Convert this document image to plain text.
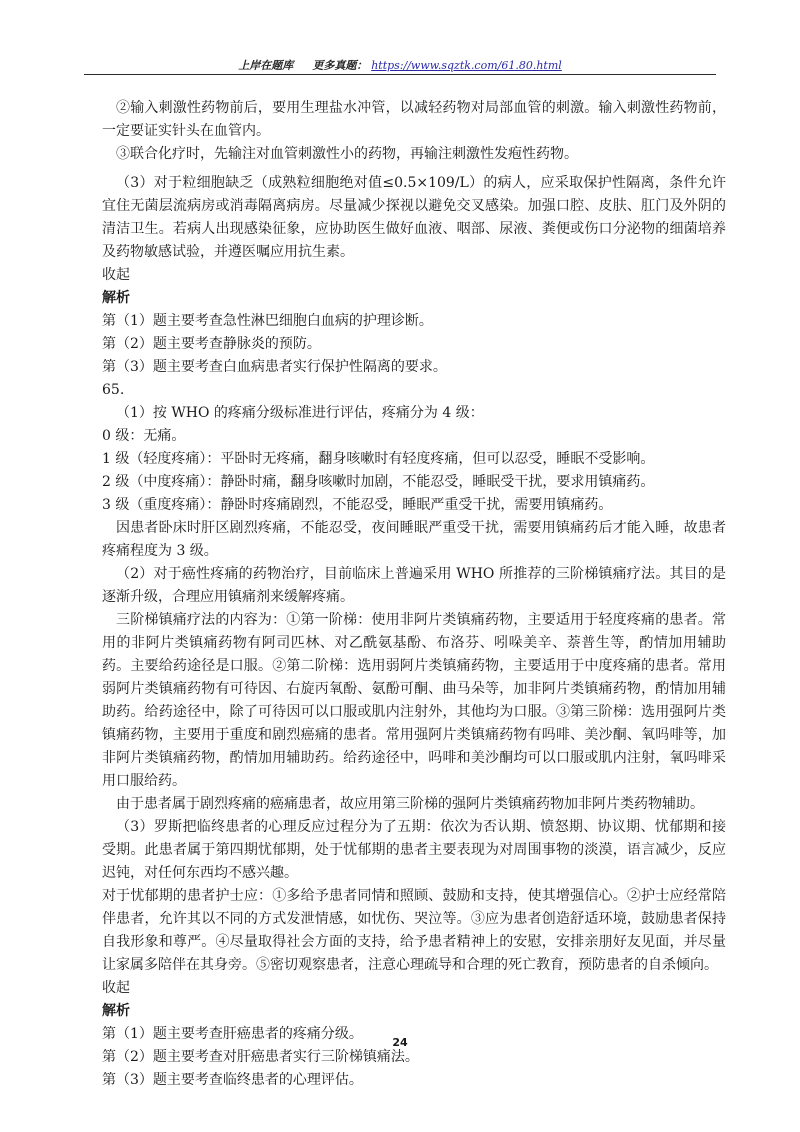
上岸在题库 更多真题： https://www.sqztk.com/61.80.html

②输入刺激性药物前后，要用生理盐水冲管，以减轻药物对局部血管的刺激。输入刺激性药物前，一定要证实针头在血管内。

③联合化疗时，先输注对血管刺激性小的药物，再输注刺激性发疱性药物。

（3）对于粒细胞缺乏（成熟粒细胞绝对值≤0.5×109/L）的病人，应采取保护性隔离，条件允许宜住无菌层流病房或消毒隔离病房。尽量减少探视以避免交叉感染。加强口腔、皮肤、肛门及外阴的清洁卫生。若病人出现感染征象，应协助医生做好血液、咽部、尿液、粪便或伤口分泌物的细菌培养及药物敏感试验，并遵医嘱应用抗生素。

收起

解析

第（1）题主要考查急性淋巴细胞白血病的护理诊断。

第（2）题主要考查静脉炎的预防。

第（3）题主要考查白血病患者实行保护性隔离的要求。

65.

（1）按 WHO 的疼痛分级标准进行评估，疼痛分为 4 级：

0 级：无痛。

1 级（轻度疼痛）：平卧时无疼痛，翻身咳嗽时有轻度疼痛，但可以忍受，睡眠不受影响。

2 级（中度疼痛）：静卧时痛，翻身咳嗽时加剧，不能忍受，睡眠受干扰，要求用镇痛药。

3 级（重度疼痛）：静卧时疼痛剧烈，不能忍受，睡眠严重受干扰，需要用镇痛药。

因患者卧床时肝区剧烈疼痛，不能忍受，夜间睡眠严重受干扰，需要用镇痛药后才能入睡，故患者疼痛程度为 3 级。

（2）对于癌性疼痛的药物治疗，目前临床上普遍采用 WHO 所推荐的三阶梯镇痛疗法。其目的是逐渐升级，合理应用镇痛剂来缓解疼痛。

三阶梯镇痛疗法的内容为：①第一阶梯：使用非阿片类镇痛药物，主要适用于轻度疼痛的患者。常用的非阿片类镇痛药物有阿司匹林、对乙酰氨基酚、布洛芬、吲哚美辛、萘普生等，酌情加用辅助药。主要给药途径是口服。②第二阶梯：选用弱阿片类镇痛药物，主要适用于中度疼痛的患者。常用弱阿片类镇痛药物有可待因、右旋丙氧酚、氨酚可酮、曲马朵等，加非阿片类镇痛药物，酌情加用辅助药。给药途径中，除了可待因可以口服或肌内注射外，其他均为口服。③第三阶梯：选用强阿片类镇痛药物，主要用于重度和剧烈癌痛的患者。常用强阿片类镇痛药物有吗啡、美沙酮、氧吗啡等，加非阿片类镇痛药物，酌情加用辅助药。给药途径中，吗啡和美沙酮均可以口服或肌内注射，氧吗啡采用口服给药。

由于患者属于剧烈疼痛的癌痛患者，故应用第三阶梯的强阿片类镇痛药物加非阿片类药物辅助。

（3）罗斯把临终患者的心理反应过程分为了五期：依次为否认期、愤怒期、协议期、忧郁期和接受期。此患者属于第四期忧郁期，处于忧郁期的患者主要表现为对周围事物的淡漠，语言减少，反应迟钝，对任何东西均不感兴趣。

对于忧郁期的患者护士应：①多给予患者同情和照顾、鼓励和支持，使其增强信心。②护士应经常陪伴患者，允许其以不同的方式发泄情感，如忧伤、哭泣等。③应为患者创造舒适环境，鼓励患者保持自我形象和尊严。④尽量取得社会方面的支持，给予患者精神上的安慰，安排亲朋好友见面，并尽量让家属多陪伴在其身旁。⑤密切观察患者，注意心理疏导和合理的死亡教育，预防患者的自杀倾向。

收起

解析

第（1）题主要考查肝癌患者的疼痛分级。

第（2）题主要考查对肝癌患者实行三阶梯镇痛法。

第（3）题主要考查临终患者的心理评估。

24
